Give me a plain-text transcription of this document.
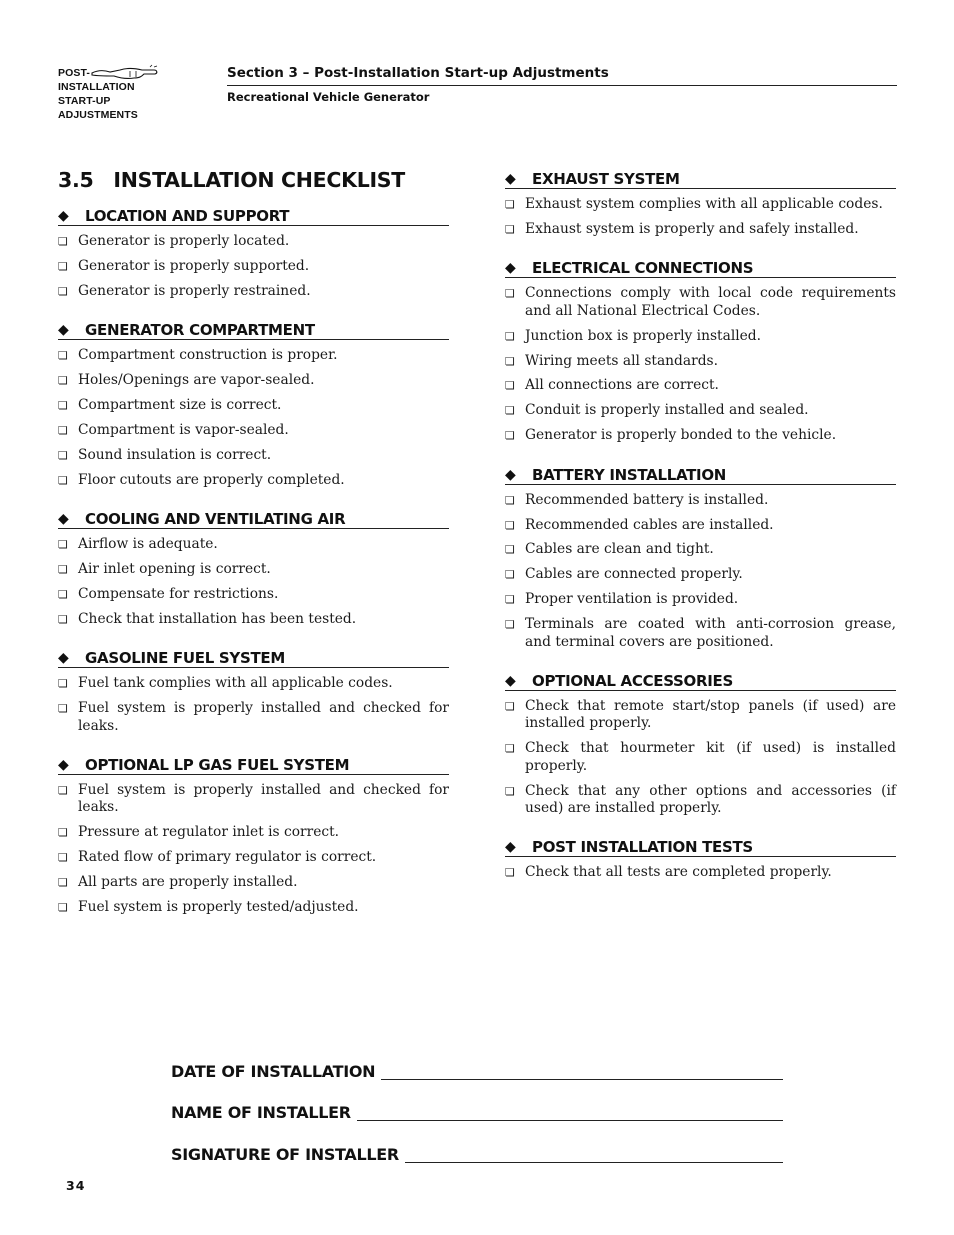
POST-
INSTALLATION
START-UP
ADJUSTMENTS
Section 3 – Post-Installation Start-up Adjustments
Recreational Vehicle Generator
3.5 INSTALLATION CHECKLIST
◆	LOCATION AND SUPPORT
❏ Generator is properly located.
❏ Generator is properly supported.
❏ Generator is properly restrained.
◆	GENERATOR COMPARTMENT
❏ Compartment construction is proper.
❏ Holes/Openings are vapor-sealed.
❏ Compartment size is correct.
❏ Compartment is vapor-sealed.
❏ Sound insulation is correct.
❏ Floor cutouts are properly completed.
◆	COOLING AND VENTILATING AIR
❏ Airflow is adequate.
❏ Air inlet opening is correct.
❏ Compensate for restrictions.
❏ Check that installation has been tested.
◆	GASOLINE FUEL SYSTEM
❏ Fuel tank complies with all applicable codes.
❏ Fuel system is properly installed and checked for leaks.
◆	OPTIONAL LP GAS FUEL SYSTEM
❏ Fuel system is properly installed and checked for leaks.
❏ Pressure at regulator inlet is correct.
❏ Rated flow of primary regulator is correct.
❏ All parts are properly installed.
❏ Fuel system is properly tested/adjusted.
◆	EXHAUST SYSTEM
❏ Exhaust system complies with all applicable codes.
❏ Exhaust system is properly and safely installed.
◆	ELECTRICAL CONNECTIONS
❏ Connections comply with local code requirements and all National Electrical Codes.
❏ Junction box is properly installed.
❏ Wiring meets all standards.
❏ All connections are correct.
❏ Conduit is properly installed and sealed.
❏ Generator is properly bonded to the vehicle.
◆	BATTERY INSTALLATION
❏ Recommended battery is installed.
❏ Recommended cables are installed.
❏ Cables are clean and tight.
❏ Cables are connected properly.
❏ Proper ventilation is provided.
❏ Terminals are coated with anti-corrosion grease, and terminal covers are positioned.
◆	OPTIONAL ACCESSORIES
❏ Check that remote start/stop panels (if used) are installed properly.
❏ Check that hourmeter kit (if used) is installed properly.
❏ Check that any other options and accessories (if used) are installed properly.
◆	POST INSTALLATION TESTS
❏ Check that all tests are completed properly.
DATE OF INSTALLATION
NAME OF INSTALLER
SIGNATURE OF INSTALLER
34
